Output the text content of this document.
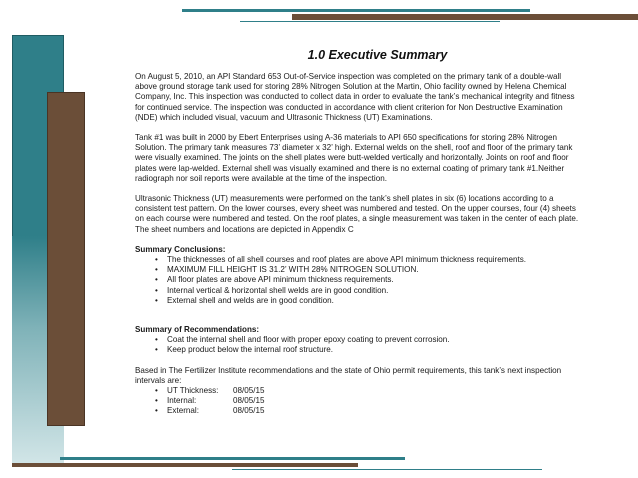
1.0 Executive Summary

On August 5, 2010, an API Standard 653 Out-of-Service inspection was completed on the primary tank of a double-wall above ground storage tank used for storing 28% Nitrogen Solution at the Martin, Ohio facility owned by Helena Chemical Company, Inc. This inspection was conducted to collect data in order to evaluate the tank’s mechanical integrity and fitness for continued service. The inspection was conducted in accordance with client criterion for Non Destructive Examination (NDE) which included visual, vacuum and Ultrasonic Thickness (UT) Examinations.

Tank #1 was built in 2000 by Ebert Enterprises using A-36 materials to API 650 specifications for storing 28% Nitrogen Solution. The primary tank measures 73’ diameter x 32’ high. External welds on the shell, roof and floor of the primary tank were visually examined. The joints on the shell plates were butt-welded vertically and horizontally. Joints on roof and floor plates were lap-welded. External shell was visually examined and there is no external coating of primary tank #1.Neither radiograph nor soil reports were available at the time of the inspection.

Ultrasonic Thickness (UT) measurements were performed on the tank’s shell plates in six (6) locations according to a consistent test pattern. On the lower courses, every sheet was numbered and tested. On the upper courses, four (4) sheets on each course were numbered and tested. On the roof plates, a single measurement was taken in the center of each plate. The sheet numbers and locations are depicted in Appendix C

Summary Conclusions:
• The thicknesses of all shell courses and roof plates are above API minimum thickness requirements.
• MAXIMUM FILL HEIGHT IS 31.2’ WITH 28% NITROGEN SOLUTION.
• All floor plates are above API minimum thickness requirements.
• Internal vertical & horizontal shell welds are in good condition.
• External shell and welds are in good condition.
Summary of Recommendations:
• Coat the internal shell and floor with proper epoxy coating to prevent corrosion.
• Keep product below the internal roof structure.

Based in The Fertilizer Institute recommendations and the state of Ohio permit requirements, this tank’s next inspection intervals are:

• UT Thickness: 08/05/15
• Internal:	08/05/15
• External:	08/05/15
